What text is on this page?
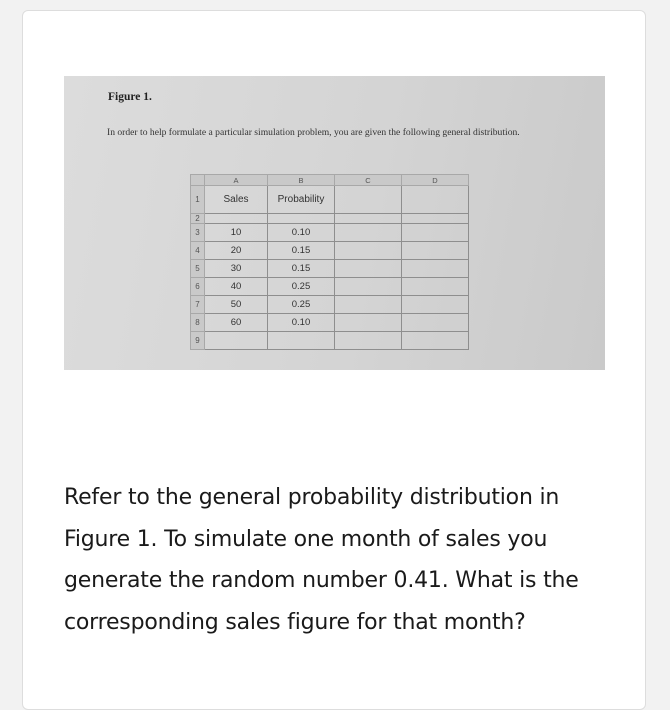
Figure 1.
In order to help formulate a particular simulation problem, you are given the following general distribution.
	A	B	C	D
1	Sales	Probability		
2				
3	10	0.10		
4	20	0.15		
5	30	0.15		
6	40	0.25		
7	50	0.25		
8	60	0.10		
9				
Refer to the general probability distribution in Figure 1. To simulate one month of sales you generate the random number 0.41. What is the corresponding sales figure for that month?
